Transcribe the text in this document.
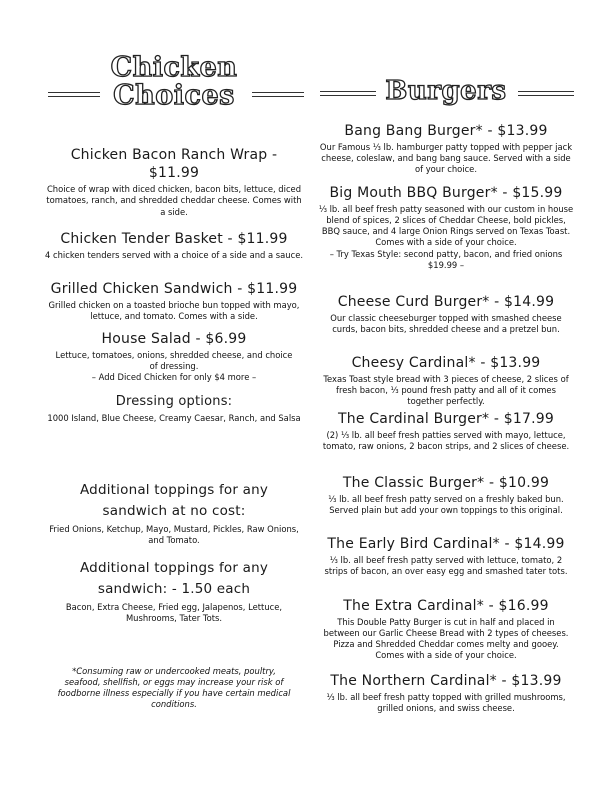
Chicken
Choices

Chicken Bacon Ranch Wrap - $11.99

Choice of wrap with diced chicken, bacon bits, lettuce, diced tomatoes, ranch, and shredded cheddar cheese. Comes with a side.

Chicken Tender Basket - $11.99

4 chicken tenders served with a choice of a side and a sauce.

Grilled Chicken Sandwich - $11.99

Grilled chicken on a toasted brioche bun topped with mayo, lettuce, and tomato. Comes with a side.

House Salad - $6.99

Lettuce, tomatoes, onions, shredded cheese, and choice of dressing.

– Add Diced Chicken for only $4 more –

Dressing options:

1000 Island, Blue Cheese, Creamy Caesar, Ranch, and Salsa

Additional toppings for any sandwich at no cost:

Fried Onions, Ketchup, Mayo, Mustard, Pickles, Raw Onions, and Tomato.

Additional toppings for any sandwich: - 1.50 each

Bacon, Extra Cheese, Fried egg, Jalapenos, Lettuce, Mushrooms, Tater Tots.

*Consuming raw or undercooked meats, poultry, seafood, shellfish, or eggs may increase your risk of foodborne illness especially if you have certain medical conditions.

Burgers

Bang Bang Burger* - $13.99

Our Famous ⅓ lb. hamburger patty topped with pepper jack cheese, coleslaw, and bang bang sauce. Served with a side of your choice.

Big Mouth BBQ Burger* - $15.99

⅓ lb. all beef fresh patty seasoned with our custom in house blend of spices, 2 slices of Cheddar Cheese, bold pickles, BBQ sauce, and 4 large Onion Rings served on Texas Toast. Comes with a side of your choice.

– Try Texas Style: second patty, bacon, and fried onions $19.99 –

Cheese Curd Burger* - $14.99

Our classic cheeseburger topped with smashed cheese curds, bacon bits, shredded cheese and a pretzel bun.

Cheesy Cardinal* - $13.99

Texas Toast style bread with 3 pieces of cheese, 2 slices of fresh bacon, ⅓ pound fresh patty and all of it comes together perfectly.

The Cardinal Burger* - $17.99

(2) ⅓ lb. all beef fresh patties served with mayo, lettuce, tomato, raw onions, 2 bacon strips, and 2 slices of cheese.

The Classic Burger* - $10.99

⅓ lb. all beef fresh patty served on a freshly baked bun. Served plain but add your own toppings to this original.

The Early Bird Cardinal* - $14.99

⅓ lb. all beef fresh patty served with lettuce, tomato, 2 strips of bacon, an over easy egg and smashed tater tots.

The Extra Cardinal* - $16.99

This Double Patty Burger is cut in half and placed in between our Garlic Cheese Bread with 2 types of cheeses. Pizza and Shredded Cheddar comes melty and gooey. Comes with a side of your choice.

The Northern Cardinal* - $13.99

⅓ lb. all beef fresh patty topped with grilled mushrooms, grilled onions, and swiss cheese.
